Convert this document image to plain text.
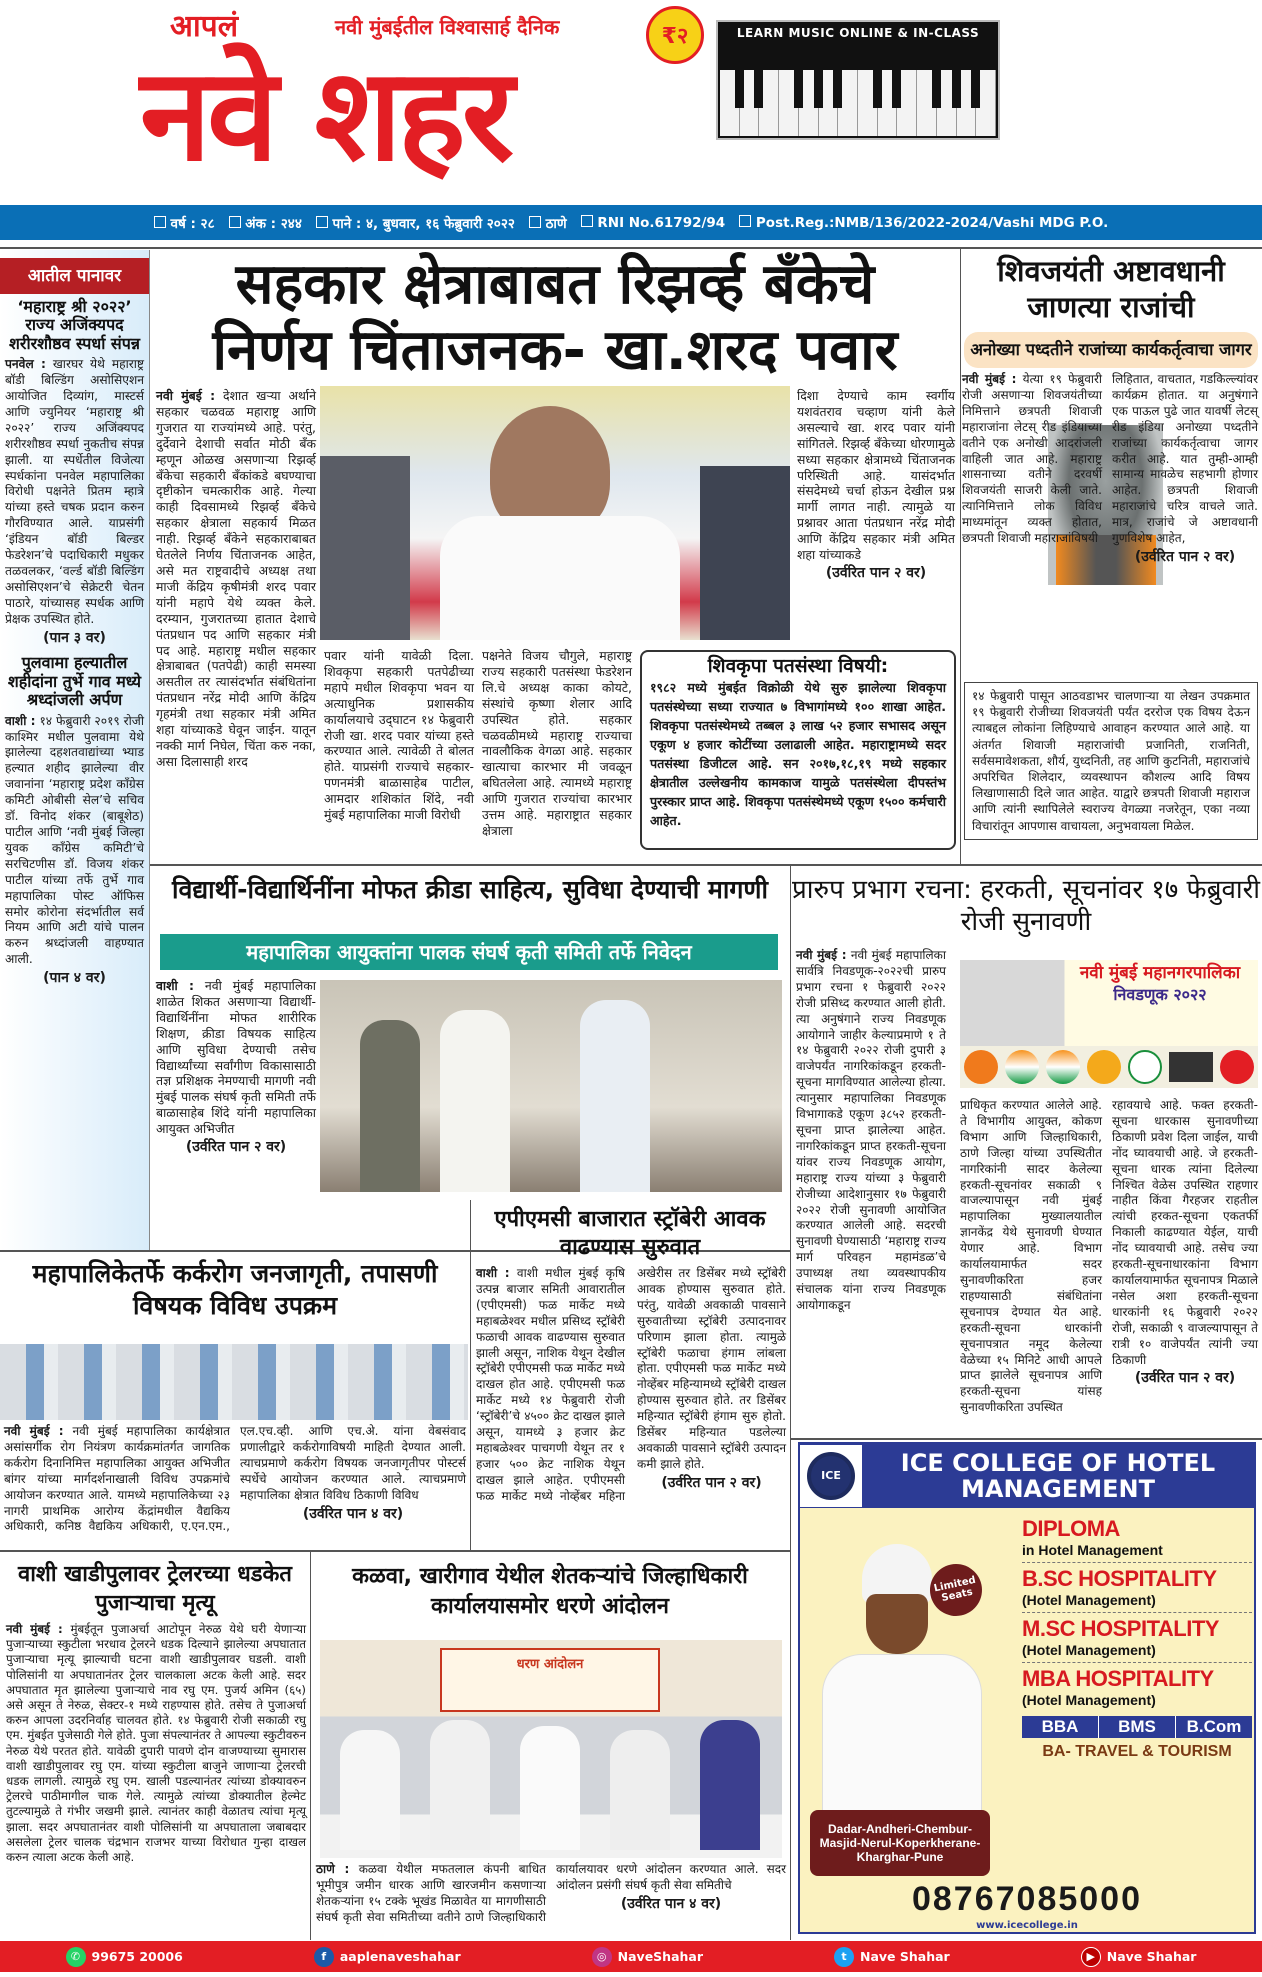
आपलं
नवे शहर
नवी मुंबईतील विश्वासार्ह दैनिक	₹२	LEARN MUSIC ONLINE & IN-CLASS
वर्ष : २८	अंक : २४४	पाने : ४, बुधवार, १६ फेब्रुवारी २०२२	ठाणे	RNI No.61792/94	Post.Reg.:NMB/136/2022-2024/Vashi MDG P.O.
आतील पानावर
‘महाराष्ट्र श्री २०२२’ राज्य अजिंक्यपद शरीरशौष्ठव स्पर्धा संपन्न
पनवेल : खारघर येथे महाराष्ट्र बॉडी बिल्डिंग असोसिएशन आयोजित दिव्यांग, मास्टर्स आणि ज्युनियर ‘महाराष्ट्र श्री २०२२’ राज्य अजिंक्यपद शरीरशौष्ठव स्पर्धा नुकतीच संपन्न झाली. या स्पर्धेतील विजेत्या स्पर्धकांना पनवेल महापालिका विरोधी पक्षनेते प्रितम म्हात्रे यांच्या हस्ते चषक प्रदान करुन गौरविण्यात आले. याप्रसंगी ‘इंडियन बॉडी बिल्डर फेडरेशन’चे पदाधिकारी मधुकर तळवलकर, ‘वर्ल्ड बॉडी बिल्डिंग असोसिएशन’चे सेक्रेटरी चेतन पाठारे, यांच्यासह स्पर्धक आणि प्रेक्षक उपस्थित होते.
(पान ३ वर)
पुलवामा हल्यातील शहीदांना तुर्भे गाव मध्ये श्रध्दांजली अर्पण
वाशी : १४ फेब्रुवारी २०१९ रोजी काश्मिर मधील पुलवामा येथे झालेल्या दहशतवाद्यांच्या भ्याड हल्यात शहीद झालेल्या वीर जवानांना ‘महाराष्ट्र प्रदेश कॉंग्रेस कमिटी ओबीसी सेल’चे सचिव डॉ. विनोद शंकर (बाबूशेठ) पाटील आणि ‘नवी मुंबई जिल्हा युवक कॉंग्रेस कमिटी’चे सरचिटणीस डॉ. विजय शंकर पाटील यांच्या तर्फे तुर्भे गाव महापालिका पोस्ट ऑफिस समोर कोरोना संदर्भातील सर्व नियम आणि अटी यांचे पालन करुन श्रध्दांजली वाहण्यात आली.
(पान ४ वर)
सहकार क्षेत्राबाबत रिझर्व्ह बँकेचे
निर्णय चिंताजनक- खा.शरद पवार
नवी मुंबई : देशात खऱ्या अर्थाने सहकार चळवळ महाराष्ट्र आणि गुजरात या राज्यांमध्ये आहे. परंतु, दुर्देवाने देशाची सर्वात मोठी बँक म्हणून ओळख असणाऱ्या रिझर्व्ह बँकेचा सहकारी बँकांकडे बघण्याचा दृष्टीकोन चमत्कारीक आहे. गेल्या काही दिवसामध्ये रिझर्व्ह बँकेचे सहकार क्षेत्राला सहकार्य मिळत नाही. रिझर्व्ह बँकेने सहकाराबाबत घेतलेले निर्णय चिंताजनक आहेत, असे मत राष्ट्रवादीचे अध्यक्ष तथा माजी केंद्रिय कृषीमंत्री शरद पवार यांनी महापे येथे व्यक्त केले. दरम्यान, गुजरातच्या हातात देशाचे पंतप्रधान पद आणि सहकार मंत्री पद आहे. महाराष्ट्र मधील सहकार क्षेत्राबाबत (पतपेढी) काही समस्या असतील तर त्यासंदर्भात संबंधितांना पंतप्रधान नरेंद्र मोदी आणि केंद्रिय गृहमंत्री तथा सहकार मंत्री अमित शहा यांच्याकडे घेवून जाईन. यातून नक्की मार्ग निघेल, चिंता करु नका, असा दिलासाही शरद
पवार यांनी यावेळी दिला. शिवकृपा सहकारी पतपेढीच्या महापे मधील शिवकृपा भवन या अत्याधुनिक प्रशासकीय कार्यालयाचे उद्‌घाटन १४ फेब्रुवारी रोजी खा. शरद पवार यांच्या हस्ते करण्यात आले. त्यावेळी ते बोलत होते. याप्रसंगी राज्याचे सहकार-पणनमंत्री बाळासाहेब पाटील, आमदार शशिकांत शिंदे, नवी मुंबई महापालिका माजी विरोधी
पक्षनेते विजय चौगुले, महाराष्ट्र राज्य सहकारी पतसंस्था फेडरेशन लि.चे अध्यक्ष काका कोयटे, संस्थांचे कृष्णा शेलार आदि उपस्थित होते. सहकार चळवळीमध्ये महाराष्ट्र राज्याचा नावलौकिक वेगळा आहे. सहकार खात्याचा कारभार मी जवळून बघितलेला आहे. त्यामध्ये महाराष्ट्र आणि गुजरात राज्यांचा कारभार उत्तम आहे. महाराष्ट्रात सहकार क्षेत्राला
दिशा देण्याचे काम स्वर्गीय यशवंतराव चव्हाण यांनी केले असल्याचे खा. शरद पवार यांनी सांगितले. रिझर्व्ह बँकेच्या धोरणामुळे सध्या सहकार क्षेत्रामध्ये चिंताजनक परिस्थिती आहे. यासंदर्भात संसदेमध्ये चर्चा होऊन देखील प्रश्न मार्गी लागत नाही. त्यामुळे या प्रश्नावर आता पंतप्रधान नरेंद्र मोदी आणि केंद्रिय सहकार मंत्री अमित शहा यांच्याकडे
(उर्वरित पान २ वर)
शिवकृपा पतसंस्था विषयी:
१९८२ मध्ये मुंबईत विक्रोळी येथे सुरु झालेल्या शिवकृपा पतसंस्थेच्या सध्या राज्यात ७ विभागांमध्ये १०० शाखा आहेत. शिवकृपा पतसंस्थेमध्ये तब्बल ३ लाख ५२ हजार सभासद असून एकूण ४ हजार कोटींच्या उलाढाली आहेत. महाराष्ट्रामध्ये सदर पतसंस्था डिजीटल आहे. सन २०१७,१८,१९ मध्ये सहकार क्षेत्रातील उल्लेखनीय कामकाज यामुळे पतसंस्थेला दीपस्तंभ पुरस्कार प्राप्त आहे. शिवकृपा पतसंस्थेमध्ये एकूण १५०० कर्मचारी आहेत.
शिवजयंती अष्टावधानी जाणत्या राजांची
अनोख्या पध्दतीने राजांच्या कार्यकर्तृत्वाचा जागर
नवी मुंबई : येत्या १९ फेब्रुवारी रोजी असणाऱ्या शिवजयंतीच्या निमित्ताने छत्रपती शिवाजी महाराजांना लेटस् रीड इंडियाच्या वतीने एक अनोखी आदरांजली वाहिली जात आहे. महाराष्ट्र शासनाच्या वतीने दरवर्षी शिवजयंती साजरी केली जाते. त्यानिमित्ताने लोक विविध माध्यमांतून व्यक्त होतात, छत्रपती शिवाजी महाराजांविषयी
लिहितात, वाचतात, गडकिल्ल्यांवर कार्यक्रम होतात. या अनुषंगाने एक पाऊल पुढे जात यावर्षी लेटस् रीड इंडिया अनोख्या पध्दतीने राजांच्या कार्यकर्तृत्वाचा जागर करीत आहे. यात तुम्ही-आम्ही सामान्य मावळेच सहभागी होणार आहेत. छत्रपती शिवाजी महाराजांचे चरित्र वाचले जाते. मात्र, राजांचे जे अष्टावधानी गुणविशेष आहेत,
(उर्वरित पान २ वर)
१४ फेब्रुवारी पासून आठवडाभर चालणाऱ्या या लेखन उपक्रमात १९ फेब्रुवारी रोजीच्या शिवजयंती पर्यंत दररोज एक विषय देऊन त्याबद्दल लोकांना लिहिण्याचे आवाहन करण्यात आले आहे. या अंतर्गत शिवाजी महाराजांची प्रजानिती, राजनिती, सर्वसमावेशकता, शौर्य, युध्दनिती, तह आणि कुटनिती, महाराजांचे अपरिचित शिलेदार, व्यवस्थापन कौशल्य आदि विषय लिखाणासाठी दिले जात आहेत. याद्वारे छत्रपती शिवाजी महाराज आणि त्यांनी स्थापिलेले स्वराज्य वेगळ्या नजरेतून, एका नव्या विचारांतून आपणास वाचायला, अनुभवायला मिळेल.
विद्यार्थी-विद्यार्थिनींना मोफत क्रीडा साहित्य, सुविधा देण्याची मागणी
महापालिका आयुक्तांना पालक संघर्ष कृती समिती तर्फे निवेदन
वाशी : नवी मुंबई महापालिका शाळेत शिकत असणाऱ्या विद्यार्थी-विद्यार्थिनींना मोफत शारीरिक शिक्षण, क्रीडा विषयक साहित्य आणि सुविधा देण्याची तसेच विद्यार्थ्यांच्या सर्वांगीण विकासासाठी तज्ञ प्रशिक्षक नेमण्याची मागणी नवी मुंबई पालक संघर्ष कृती समिती तर्फे बाळासाहेब शिंदे यांनी महापालिका आयुक्त अभिजीत
(उर्वरित पान २ वर)
प्रारुप प्रभाग रचना: हरकती, सूचनांवर १७ फेब्रुवारी रोजी सुनावणी
नवी मुंबई : नवी मुंबई महापालिका सार्वत्रि निवडणूक-२०२२ची प्रारुप प्रभाग रचना १ फेब्रुवारी २०२२ रोजी प्रसिध्द करण्यात आली होती. त्या अनुषंगाने राज्य निवडणूक आयोगाने जाहीर केल्याप्रमाणे १ ते १४ फेब्रुवारी २०२२ रोजी दुपारी ३ वाजेपर्यंत नागरिकांकडून हरकती-सूचना मागविण्यात आलेल्या होत्या. त्यानुसार महापालिका निवडणूक विभागाकडे एकूण ३८५२ हरकती-सूचना प्राप्त झालेल्या आहेत. नागरिकांकडून प्राप्त हरकती-सूचना यांवर राज्य निवडणूक आयोग, महाराष्ट्र राज्य यांच्या ३ फेब्रुवारी रोजीच्या आदेशानुसार १७ फेब्रुवारी २०२२ रोजी सुनावणी आयोजित करण्यात आलेली आहे. सदरची सुनावणी घेण्यासाठी ‘महाराष्ट्र राज्य मार्ग परिवहन महामंडळ’चे उपाध्यक्ष तथा व्यवस्थापकीय संचालक यांना राज्य निवडणूक आयोगाकडून
नवी मुंबई महानगरपालिका
निवडणूक २०२२
प्राधिकृत करण्यात आलेले आहे. ते विभागीय आयुक्त, कोकण विभाग आणि जिल्हाधिकारी, ठाणे जिल्हा यांच्या उपस्थितीत नागरिकांनी सादर केलेल्या हरकती-सूचनांवर सकाळी ९ वाजल्यापासून नवी मुंबई महापालिका मुख्यालयातील ज्ञानकेंद्र येथे सुनावणी घेण्यात येणार आहे. विभाग कार्यालयामार्फत सदर सुनावणीकरिता हजर राहण्यासाठी संबंधितांना सूचनापत्र देण्यात येत आहे. हरकती-सूचना धारकांनी सूचनापत्रात नमूद केलेल्या वेळेच्या १५ मिनिटे आधी आपले प्राप्त झालेले सूचनापत्र आणि हरकती-सूचना यांसह सुनावणीकरिता उपस्थित
रहावयाचे आहे. फक्त हरकती-सूचना धारकास सुनावणीच्या ठिकाणी प्रवेश दिला जाईल, याची नोंद घ्यावयाची आहे. जे हरकती-सूचना धारक त्यांना दिलेल्या निश्चित वेळेस उपस्थित राहणार नाहीत किंवा गैरहजर राहतील त्यांची हरकत-सूचना एकतर्फी निकाली काढण्यात येईल, याची नोंद घ्यावयाची आहे. तसेच ज्या हरकती-सूचनाधारकांना विभाग कार्यालयामार्फत सूचनापत्र मिळाले नसेल अशा हरकती-सूचना धारकांनी १६ फेब्रुवारी २०२२ रोजी, सकाळी ९ वाजल्यापासून ते रात्री १० वाजेपर्यंत त्यांनी ज्या ठिकाणी
(उर्वरित पान २ वर)
महापालिकेतर्फे कर्करोग जनजागृती, तपासणी विषयक विविध उपक्रम
नवी मुंबई : नवी मुंबई महापालिका कार्यक्षेत्रात असांसर्गीक रोग नियंत्रण कार्यक्रमांतर्गत जागतिक कर्करोग दिनानिमित्त महापालिका आयुक्त अभिजीत बांगर यांच्या मार्गदर्शनाखाली विविध उपक्रमांचे आयोजन करण्यात आले. यामध्ये महापालिकेच्या २३ नागरी प्राथमिक आरोग्य केंद्रांमधील वैद्यकिय अधिकारी, कनिष्ठ वैद्यकिय अधिकारी, ए.एन.एम., एल.एच.व्ही. आणि एच.अे. यांना वेबसंवाद प्रणालीद्वारे कर्करोगाविषयी माहिती देण्यात आली. त्याचप्रमाणे कर्करोग विषयक जनजागृतीपर पोस्टर्स स्पर्धेचे आयोजन करण्यात आले. त्याचप्रमाणे महापालिका क्षेत्रात विविध ठिकाणी विविध
(उर्वरित पान ४ वर)
एपीएमसी बाजारात स्ट्रॉबेरी आवक वाढण्यास सुरुवात
वाशी : वाशी मधील मुंबई कृषि उत्पन्न बाजार समिती आवारातील (एपीएमसी) फळ मार्केट मध्ये महाबळेश्वर मधील प्रसिध्द स्ट्रॉबेरी फळाची आवक वाढण्यास सुरुवात झाली असून, नाशिक येथून देखील स्ट्रॉबेरी एपीएमसी फळ मार्केट मध्ये दाखल होत आहे. एपीएमसी फळ मार्केट मध्ये १४ फेब्रुवारी रोजी ‘स्ट्रॉबेरी’चे ४५०० क्रेट दाखल झाले असून, यामध्ये ३ हजार क्रेट महाबळेश्वर पाचगणी येथून तर १ हजार ५०० क्रेट नाशिक येथून दाखल झाले आहेत. एपीएमसी फळ मार्केट मध्ये नोव्हेंबर महिना अखेरीस तर डिसेंबर मध्ये स्ट्रॉबेरी आवक होण्यास सुरुवात होते. परंतु, यावेळी अवकाळी पावसाने सुरुवातीच्या स्ट्रॉबेरी उत्पादनावर परिणाम झाला होता. त्यामुळे स्ट्रॉबेरी फळाचा हंगाम लांबला होता. एपीएमसी फळ मार्केट मध्ये नोव्हेंबर महिन्यामध्ये स्ट्रॉबेरी दाखल होण्यास सुरुवात होते. तर डिसेंबर महिन्यात स्ट्रॉबेरी हंगाम सुरु होतो. डिसेंबर महिन्यात पडलेल्या अवकाळी पावसाने स्ट्रॉबेरी उत्पादन कमी झाले होते.
(उर्वरित पान २ वर)
वाशी खाडीपुलावर ट्रेलरच्या धडकेत पुजाऱ्याचा मृत्यू
नवी मुंबई : मुंबईतून पुजाअर्चा आटोपून नेरुळ येथे घरी येणाऱ्या पुजाऱ्याच्या स्कुटीला भरधाव ट्रेलरने धडक दिल्याने झालेल्या अपघातात पुजाऱ्याचा मृत्यू झाल्याची घटना वाशी खाडीपुलावर घडली. वाशी पोलिसांनी या अपघातानंतर ट्रेलर चालकाला अटक केली आहे. सदर अपघातात मृत झालेल्या पुजाऱ्याचे नाव रघु एम. पुजर्य अमिन (६५) असे असून ते नेरुळ, सेक्टर-१ मध्ये राहण्यास होते. तसेच ते पुजाअर्चा करुन आपला उदरनिर्वाह चालवत होते. १४ फेब्रुवारी रोजी सकाळी रघु एम. मुंबईत पुजेसाठी गेले होते. पुजा संपल्यानंतर ते आपल्या स्कुटीवरुन नेरुळ येथे परतत होते. यावेळी दुपारी पावणे दोन वाजण्याच्या सुमारास वाशी खाडीपुलावर रघु एम. यांच्या स्कुटीला बाजुने जाणाऱ्या ट्रेलरची धडक लागली. त्यामुळे रघु एम. खाली पडल्यानंतर त्यांच्या डोक्यावरुन ट्रेलरचे पाठीमागील चाक गेले. त्यामुळे त्यांच्या डोक्यातील हेल्मेट तुटल्यामुळे ते गंभीर जखमी झाले. त्यानंतर काही वेळातच त्यांचा मृत्यू झाला. सदर अपघातानंतर वाशी पोलिसांनी या अपघाताला जबाबदार असलेला ट्रेलर चालक चंद्रभान राजभर याच्या विरोधात गुन्हा दाखल करुन त्याला अटक केली आहे.
कळवा, खारीगाव येथील शेतकऱ्यांचे जिल्हाधिकारी कार्यालयासमोर धरणे आंदोलन
धरण आंदोलन
ठाणे : कळवा येथील मफतलाल कंपनी बाधित भूमीपुत्र जमीन धारक आणि खारजमीन कसणाऱ्या शेतकऱ्यांना १५ टक्के भूखंड मिळावेत या मागणीसाठी संघर्ष कृती सेवा समितीच्या वतीने ठाणे जिल्हाधिकारी कार्यालयावर धरणे आंदोलन करण्यात आले. सदर आंदोलन प्रसंगी संघर्ष कृती सेवा समितीचे
(उर्वरित पान ४ वर)
ICE	ICE COLLEGE OF HOTEL MANAGEMENT
Limited Seats
DIPLOMA
in Hotel Management
B.SC HOSPITALITY
(Hotel Management)
M.SC HOSPITALITY
(Hotel Management)
MBA HOSPITALITY
(Hotel Management)
BBA	BMS	B.Com
BA- TRAVEL & TOURISM
Dadar-Andheri-Chembur-Masjid-Nerul-Koperkherane-Kharghar-Pune
08767085000
www.icecollege.in
✆ 99675 20006	f	aaplenaveshahar	◎ NaveShahar	t	Nave Shahar	▶ Nave Shahar
